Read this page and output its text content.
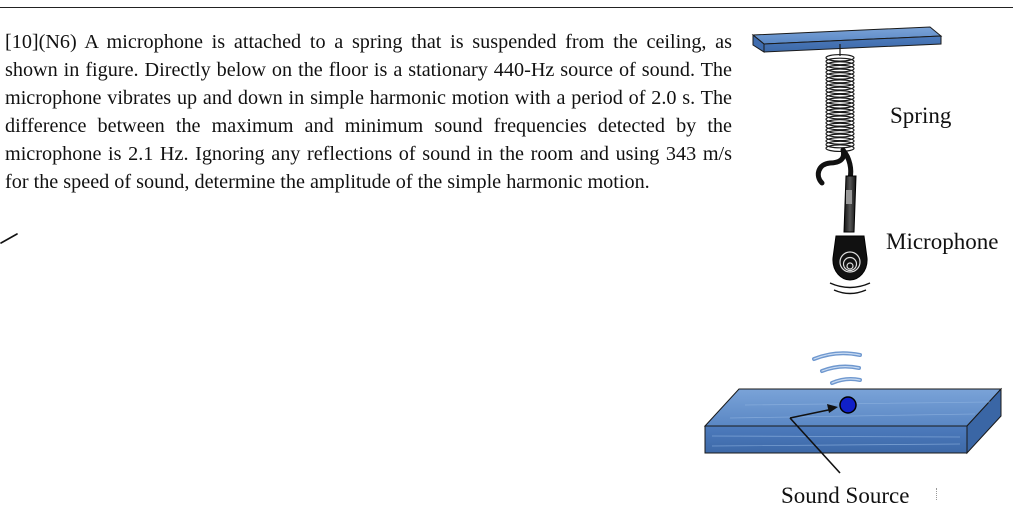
[10](N6) A microphone is attached to a spring that is suspended from the ceiling, as shown in figure. Directly below on the floor is a stationary 440-Hz source of sound. The microphone vibrates up and down in simple harmonic motion with a period of 2.0 s. The difference between the maximum and minimum sound frequencies detected by the microphone is 2.1 Hz. Ignoring any reflections of sound in the room and using 343 m/s for the speed of sound, determine the amplitude of the simple harmonic motion.

Spring
Microphone
Sound Source
